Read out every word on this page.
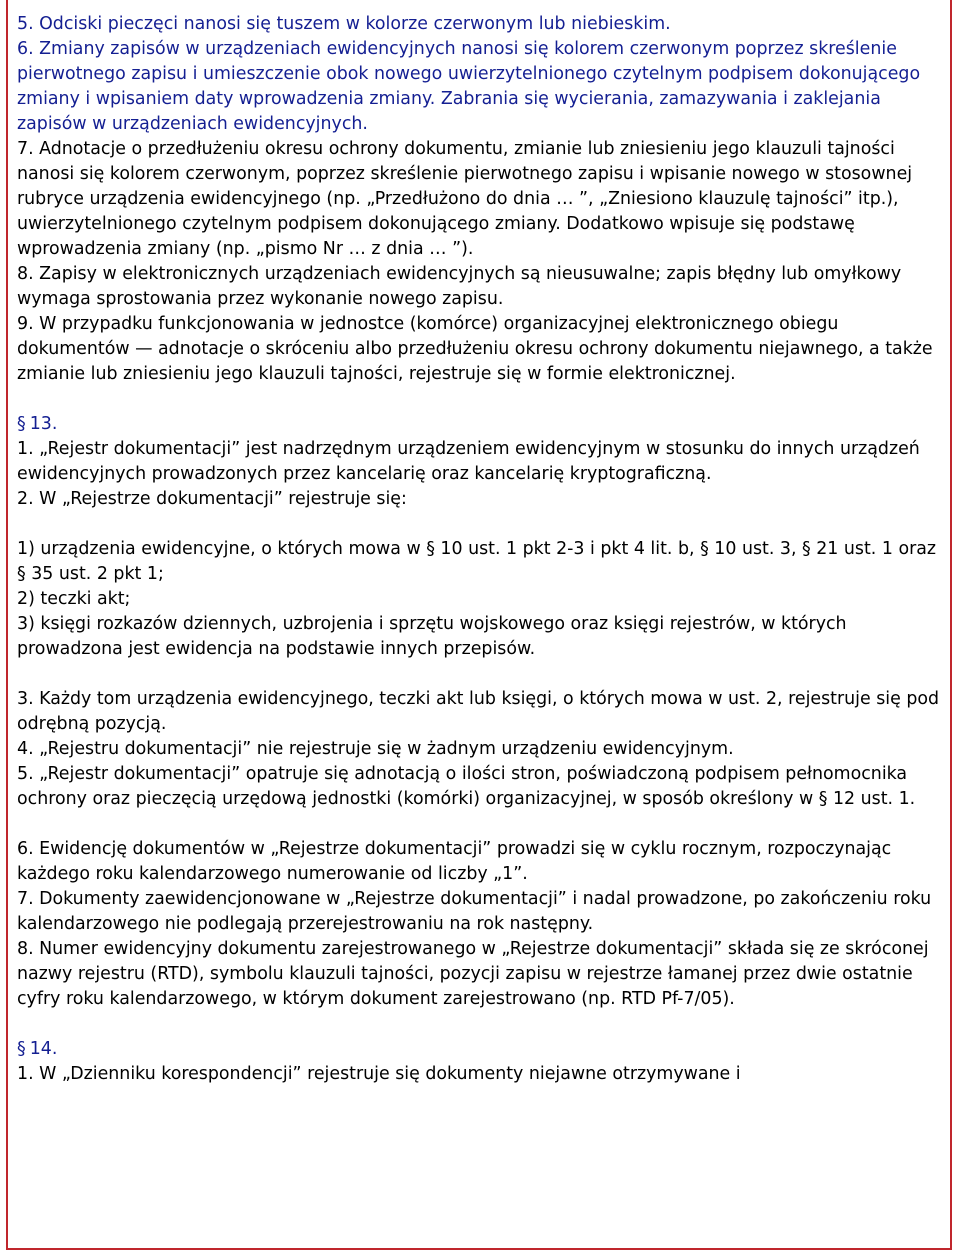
5. Odciski pieczęci nanosi się tuszem w kolorze czerwonym lub niebieskim.

6. Zmiany zapisów w urządzeniach ewidencyjnych nanosi się kolorem czerwonym poprzez skreślenie pierwotnego zapisu i umieszczenie obok nowego uwierzytelnionego czytelnym podpisem dokonującego zmiany i wpisaniem daty wprowadzenia zmiany. Zabrania się wycierania, zamazywania i zaklejania zapisów w urządzeniach ewidencyjnych.

7. Adnotacje o przedłużeniu okresu ochrony dokumentu, zmianie lub zniesieniu jego klauzuli tajności nanosi się kolorem czerwonym, poprzez skreślenie pierwotnego zapisu i wpisanie nowego w stosownej rubryce urządzenia ewidencyjnego (np. „Przedłużono do dnia … ”, „Zniesiono klauzulę tajności” itp.), uwierzytelnionego czytelnym podpisem dokonującego zmiany. Dodatkowo wpisuje się podstawę wprowadzenia zmiany (np. „pismo Nr … z dnia … ”).

8. Zapisy w elektronicznych urządzeniach ewidencyjnych są nieusuwalne; zapis błędny lub omyłkowy wymaga sprostowania przez wykonanie nowego zapisu.

9. W przypadku funkcjonowania w jednostce (komórce) organizacyjnej elektronicznego obiegu dokumentów — adnotacje o skróceniu albo przedłużeniu okresu ochrony dokumentu niejawnego, a także zmianie lub zniesieniu jego klauzuli tajności, rejestruje się w formie elektronicznej.

§ 13.

1. „Rejestr dokumentacji” jest nadrzędnym urządzeniem ewidencyjnym w stosunku do innych urządzeń ewidencyjnych prowadzonych przez kancelarię oraz kancelarię kryptograficzną.

2. W „Rejestrze dokumentacji” rejestruje się:

1) urządzenia ewidencyjne, o których mowa w § 10 ust. 1 pkt 2-3 i pkt 4 lit. b, § 10 ust. 3, § 21 ust. 1 oraz § 35 ust. 2 pkt 1;

2) teczki akt;

3) księgi rozkazów dziennych, uzbrojenia i sprzętu wojskowego oraz księgi rejestrów, w których prowadzona jest ewidencja na podstawie innych przepisów.

3. Każdy tom urządzenia ewidencyjnego, teczki akt lub księgi, o których mowa w ust. 2, rejestruje się pod odrębną pozycją.

4. „Rejestru dokumentacji” nie rejestruje się w żadnym urządzeniu ewidencyjnym.

5. „Rejestr dokumentacji” opatruje się adnotacją o ilości stron, poświadczoną podpisem pełnomocnika ochrony oraz pieczęcią urzędową jednostki (komórki) organizacyjnej, w sposób określony w § 12 ust. 1.

6. Ewidencję dokumentów w „Rejestrze dokumentacji” prowadzi się w cyklu rocznym, rozpoczynając każdego roku kalendarzowego numerowanie od liczby „1”.

7. Dokumenty zaewidencjonowane w „Rejestrze dokumentacji” i nadal prowadzone, po zakończeniu roku kalendarzowego nie podlegają przerejestrowaniu na rok następny.

8. Numer ewidencyjny dokumentu zarejestrowanego w „Rejestrze dokumentacji” składa się ze skróconej nazwy rejestru (RTD), symbolu klauzuli tajności, pozycji zapisu w rejestrze łamanej przez dwie ostatnie cyfry roku kalendarzowego, w którym dokument zarejestrowano (np. RTD Pf-7/05).

§ 14.

1. W „Dzienniku korespondencji” rejestruje się dokumenty niejawne otrzymywane i
